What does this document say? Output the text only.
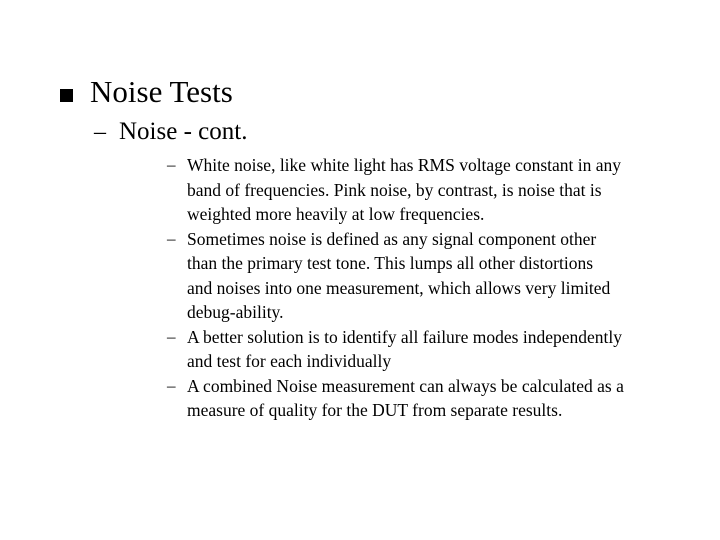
Noise Tests
– Noise - cont.
– White noise, like white light has RMS voltage constant in any
band of frequencies. Pink noise, by contrast, is noise that is
weighted more heavily at low frequencies.
– Sometimes noise is defined as any signal component other
than the primary test tone. This lumps all other distortions
and noises into one measurement, which allows very limited
debug-ability.
– A better solution is to identify all failure modes independently
and test for each individually
– A combined Noise measurement can always be calculated as a
measure of quality for the DUT from separate results.
